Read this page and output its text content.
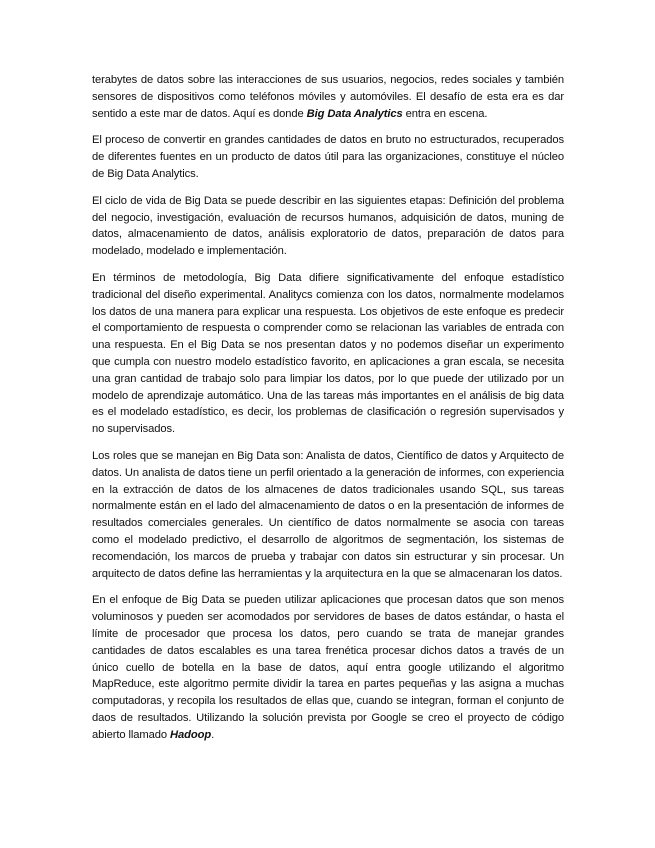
terabytes de datos sobre las interacciones de sus usuarios, negocios, redes sociales y también sensores de dispositivos como teléfonos móviles y automóviles. El desafío de esta era es dar sentido a este mar de datos. Aquí es donde Big Data Analytics entra en escena.

El proceso de convertir en grandes cantidades de datos en bruto no estructurados, recuperados de diferentes fuentes en un producto de datos útil para las organizaciones, constituye el núcleo de Big Data Analytics.

El ciclo de vida de Big Data se puede describir en las siguientes etapas: Definición del problema del negocio, investigación, evaluación de recursos humanos, adquisición de datos, muning de datos, almacenamiento de datos, análisis exploratorio de datos, preparación de datos para modelado, modelado e implementación.

En términos de metodología, Big Data difiere significativamente del enfoque estadístico tradicional del diseño experimental. Analitycs comienza con los datos, normalmente modelamos los datos de una manera para explicar una respuesta. Los objetivos de este enfoque es predecir el comportamiento de respuesta o comprender como se relacionan las variables de entrada con una respuesta. En el Big Data se nos presentan datos y no podemos diseñar un experimento que cumpla con nuestro modelo estadístico favorito, en aplicaciones a gran escala, se necesita una gran cantidad de trabajo solo para limpiar los datos, por lo que puede der utilizado por un modelo de aprendizaje automático. Una de las tareas más importantes en el análisis de big data es el modelado estadístico, es decir, los problemas de clasificación o regresión supervisados y no supervisados.

Los roles que se manejan en Big Data son: Analista de datos, Científico de datos y Arquitecto de datos. Un analista de datos tiene un perfil orientado a la generación de informes, con experiencia en la extracción de datos de los almacenes de datos tradicionales usando SQL, sus tareas normalmente están en el lado del almacenamiento de datos o en la presentación de informes de resultados comerciales generales. Un científico de datos normalmente se asocia con tareas como el modelado predictivo, el desarrollo de algoritmos de segmentación, los sistemas de recomendación, los marcos de prueba y trabajar con datos sin estructurar y sin procesar. Un arquitecto de datos define las herramientas y la arquitectura en la que se almacenaran los datos.

En el enfoque de Big Data se pueden utilizar aplicaciones que procesan datos que son menos voluminosos y pueden ser acomodados por servidores de bases de datos estándar, o hasta el límite de procesador que procesa los datos, pero cuando se trata de manejar grandes cantidades de datos escalables es una tarea frenética procesar dichos datos a través de un único cuello de botella en la base de datos, aquí entra google utilizando el algoritmo MapReduce, este algoritmo permite dividir la tarea en partes pequeñas y las asigna a muchas computadoras, y recopila los resultados de ellas que, cuando se integran, forman el conjunto de daos de resultados. Utilizando la solución prevista por Google se creo el proyecto de código abierto llamado Hadoop.
